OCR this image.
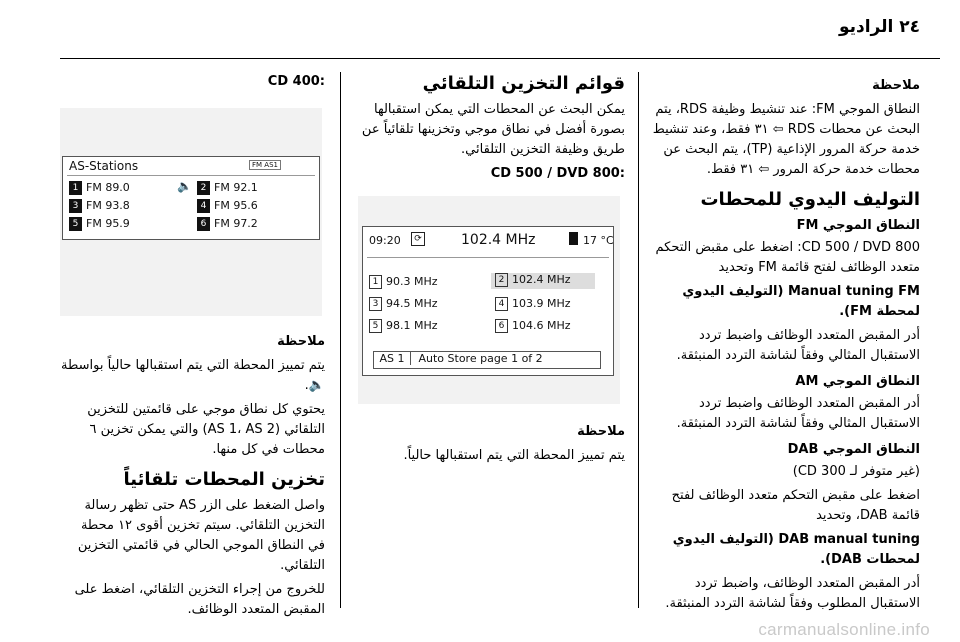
٢٤ الراديو

ملاحظة

النطاق الموجي FM: عند تنشيط وظيفة RDS، يتم البحث عن محطات RDS ⇦ ٣١ فقط، وعند تنشيط خدمة حركة المرور الإذاعية (TP)، يتم البحث عن محطات خدمة حركة المرور ⇦ ٣١ فقط.

التوليف اليدوي للمحطات
النطاق الموجي FM

CD 500 / DVD 800: اضغط على مقبض التحكم متعدد الوظائف لفتح قائمة FM وتحديد

Manual tuning FM (التوليف اليدوي لمحطة FM).

أدر المقبض المتعدد الوظائف واضبط تردد الاستقبال المثالي وفقاً لشاشة التردد المنبثقة.

النطاق الموجي AM

أدر المقبض المتعدد الوظائف واضبط تردد الاستقبال المثالي وفقاً لشاشة التردد المنبثقة.

النطاق الموجي DAB

(غير متوفر لـ CD 300)

اضغط على مقبض التحكم متعدد الوظائف لفتح قائمة DAB، وتحديد

DAB manual tuning (التوليف اليدوي لمحطات DAB).

أدر المقبض المتعدد الوظائف، واضبط تردد الاستقبال المطلوب وفقاً لشاشة التردد المنبثقة.

قوائم التخزين التلقائي

يمكن البحث عن المحطات التي يمكن استقبالها بصورة أفضل في نطاق موجي وتخزينها تلقائياً عن طريق وظيفة التخزين التلقائي.

CD 500 / DVD 800:

09:20	⟳	102.4 MHz	17 °C
1 90.3 MHz	2 102.4 MHz
3 94.5 MHz	4 103.9 MHz
5 98.1 MHz	6 104.6 MHz
AS 1 Auto Store page 1 of 2

ملاحظة

يتم تمييز المحطة التي يتم استقبالها حالياً.

CD 400:

AS-Stations	FM AS1
1 FM 89.0	🔈 2 FM 92.1
3 FM 93.8	4 FM 95.6
5 FM 95.9	6 FM 97.2

ملاحظة

يتم تمييز المحطة التي يتم استقبالها حالياً بواسطة 🔈.

يحتوي كل نطاق موجي على قائمتين للتخزين التلقائي (AS 1، AS 2) والتي يمكن تخزين ٦ محطات في كل منها.

تخزين المحطات تلقائياً

واصل الضغط على الزر AS حتى تظهر رسالة التخزين التلقائي. سيتم تخزين أقوى ١٢ محطة في النطاق الموجي الحالي في قائمتي التخزين التلقائي.

للخروج من إجراء التخزين التلقائي، اضغط على المقبض المتعدد الوظائف.

carmanualsonline.info
